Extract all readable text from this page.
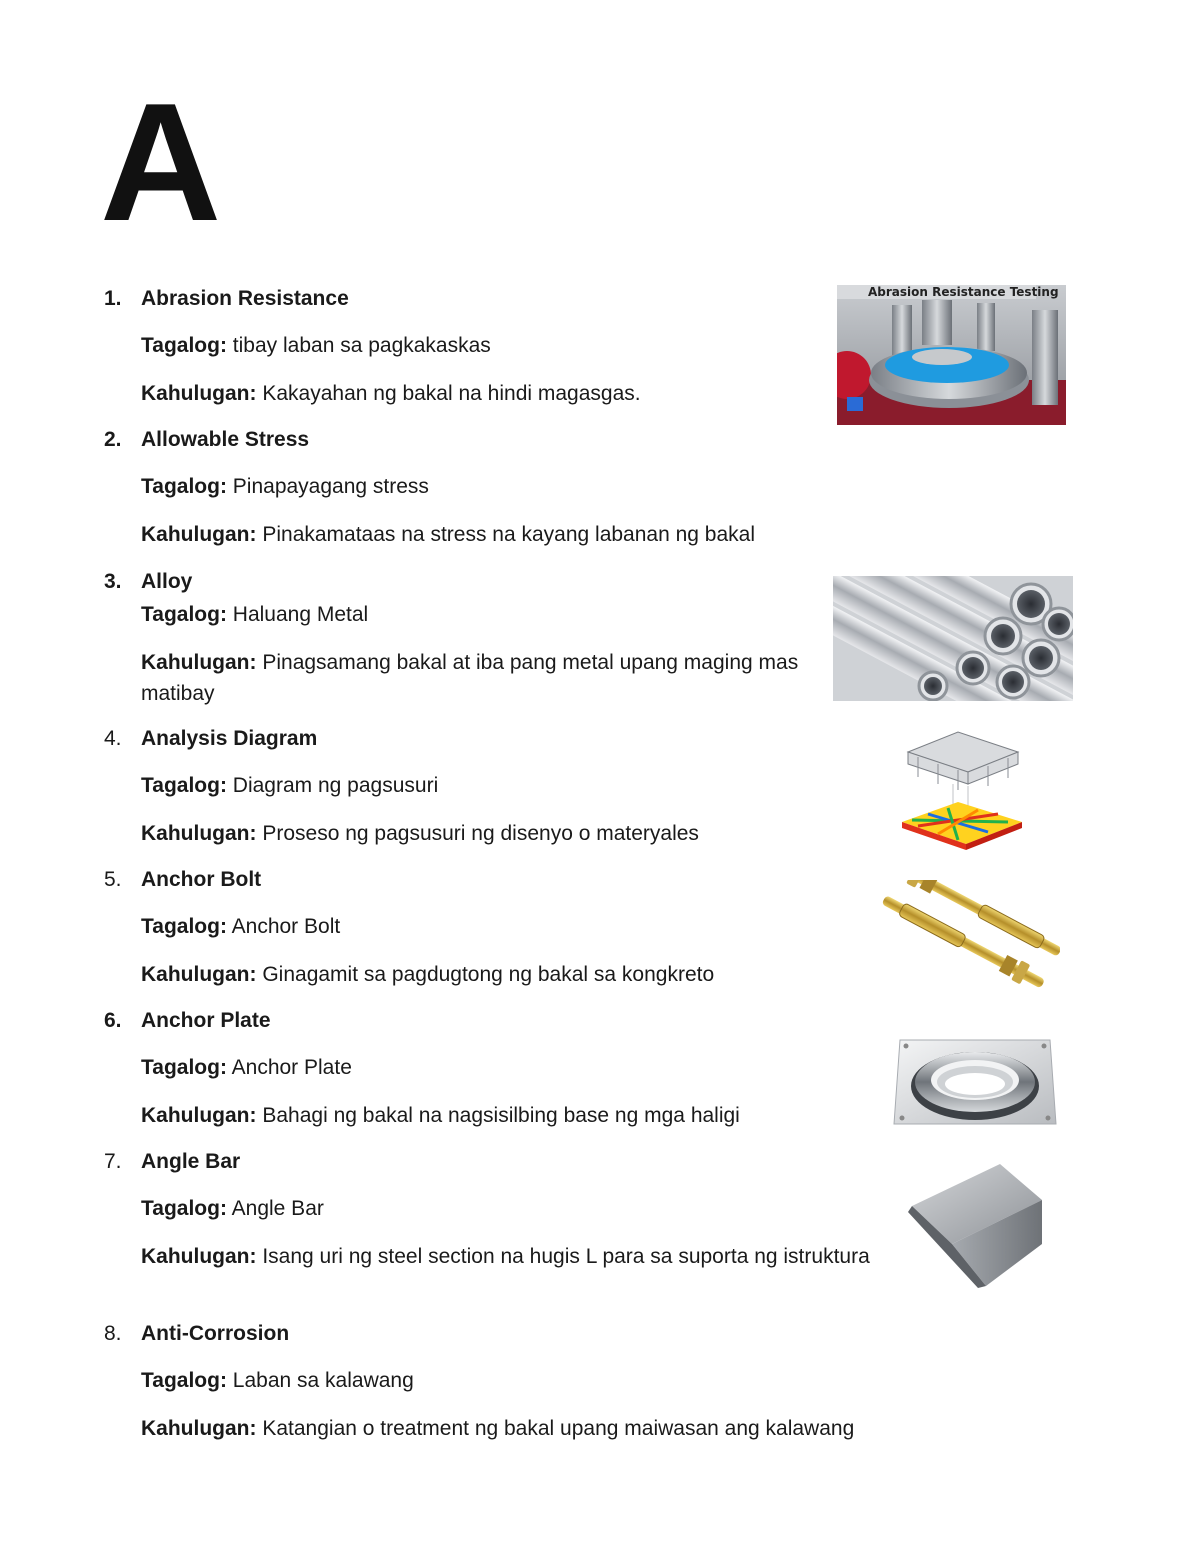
A
1. Abrasion Resistance
Tagalog: tibay laban sa pagkakaskas
Kahulugan: Kakayahan ng bakal na hindi magasgas.
2. Allowable Stress
Tagalog: Pinapayagang stress
Kahulugan: Pinakamataas na stress na kayang labanan ng bakal
3. Alloy
Tagalog: Haluang Metal
Kahulugan: Pinagsamang bakal at iba pang metal upang maging mas matibay
4. Analysis Diagram
Tagalog: Diagram ng pagsusuri
Kahulugan: Proseso ng pagsusuri ng disenyo o materyales
5. Anchor Bolt
Tagalog: Anchor Bolt
Kahulugan: Ginagamit sa pagdugtong ng bakal sa kongkreto
6. Anchor Plate
Tagalog: Anchor Plate
Kahulugan: Bahagi ng bakal na nagsisilbing base ng mga haligi
7. Angle Bar
Tagalog: Angle Bar
Kahulugan: Isang uri ng steel section na hugis L para sa suporta ng istruktura
8. Anti-Corrosion
Tagalog: Laban sa kalawang
Kahulugan: Katangian o treatment ng bakal upang maiwasan ang kalawang
Abrasion Resistance Testing
